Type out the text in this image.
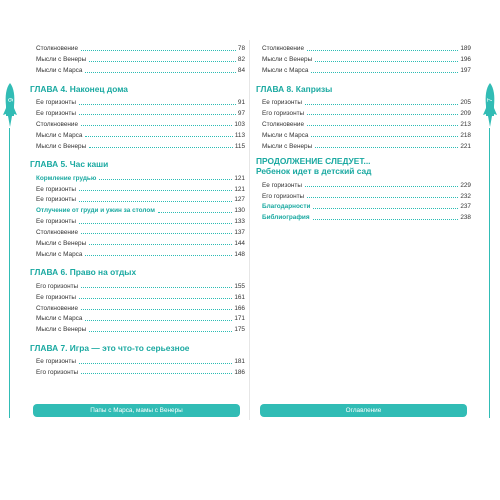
6	7
Столкновение	78
Мысли с Венеры	82
Мысли с Марса	84
ГЛАВА 4. Наконец дома
Ее горизонты	91
Ее горизонты	97
Столкновение	103
Мысли с Марса	113
Мысли с Венеры	115
ГЛАВА 5. Час каши
Кормление грудью	121
Ее горизонты	121
Ее горизонты	127
Отлучение от груди и ужин за столом	130
Ее горизонты	133
Столкновение	137
Мысли с Венеры	144
Мысли с Марса	148
ГЛАВА 6. Право на отдых
Его горизонты	155
Ее горизонты	161
Столкновение	166
Мысли с Марса	171
Мысли с Венеры	175
ГЛАВА 7. Игра — это что-то серьезное
Ее горизонты	181
Его горизонты	186
Столкновение	189
Мысли с Венеры	196
Мысли с Марса	197
ГЛАВА 8. Капризы
Ее горизонты	205
Его горизонты	209
Столкновение	213
Мысли с Марса	218
Мысли с Венеры	221
ПРОДОЛЖЕНИЕ СЛЕДУЕТ...
Ребенок идет в детский сад
Ее горизонты	229
Его горизонты	232
Благодарности	237
Библиография	238
Папы с Марса, мамы с Венеры	Оглавление
